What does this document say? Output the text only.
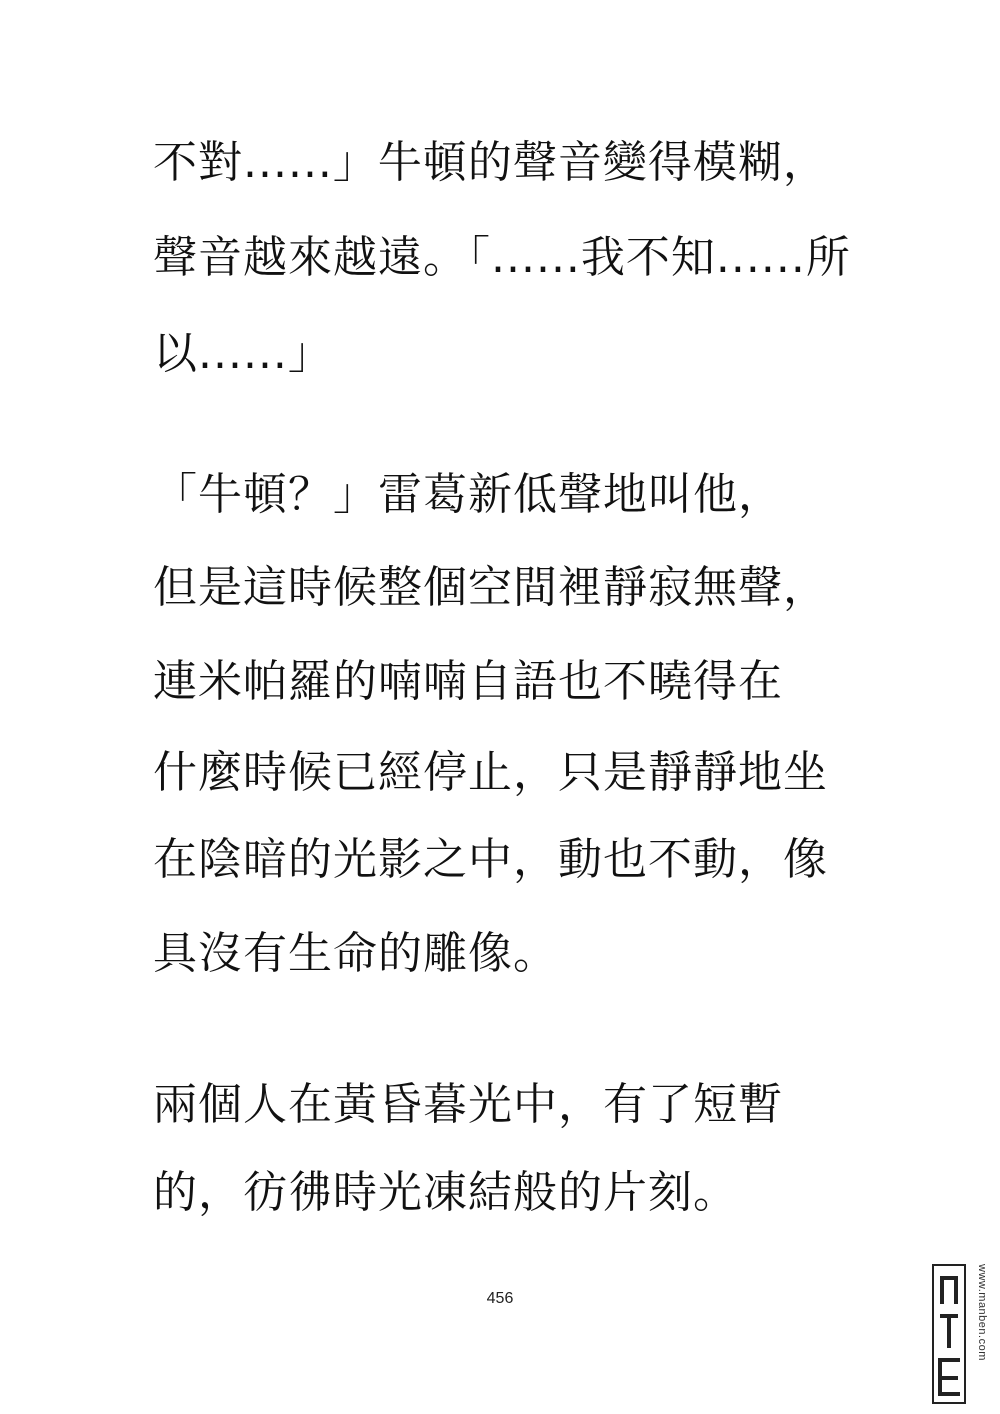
不對......」牛頓的聲音變得模糊，
聲音越來越遠。「......我不知......所
以......」
「牛頓？」雷葛新低聲地叫他，
但是這時候整個空間裡靜寂無聲，
連米帕羅的喃喃自語也不曉得在
什麼時候已經停止，只是靜靜地坐
在陰暗的光影之中，動也不動，像
具沒有生命的雕像。
兩個人在黃昏暮光中，有了短暫
的，彷彿時光凍結般的片刻。
456	www.manben.com
